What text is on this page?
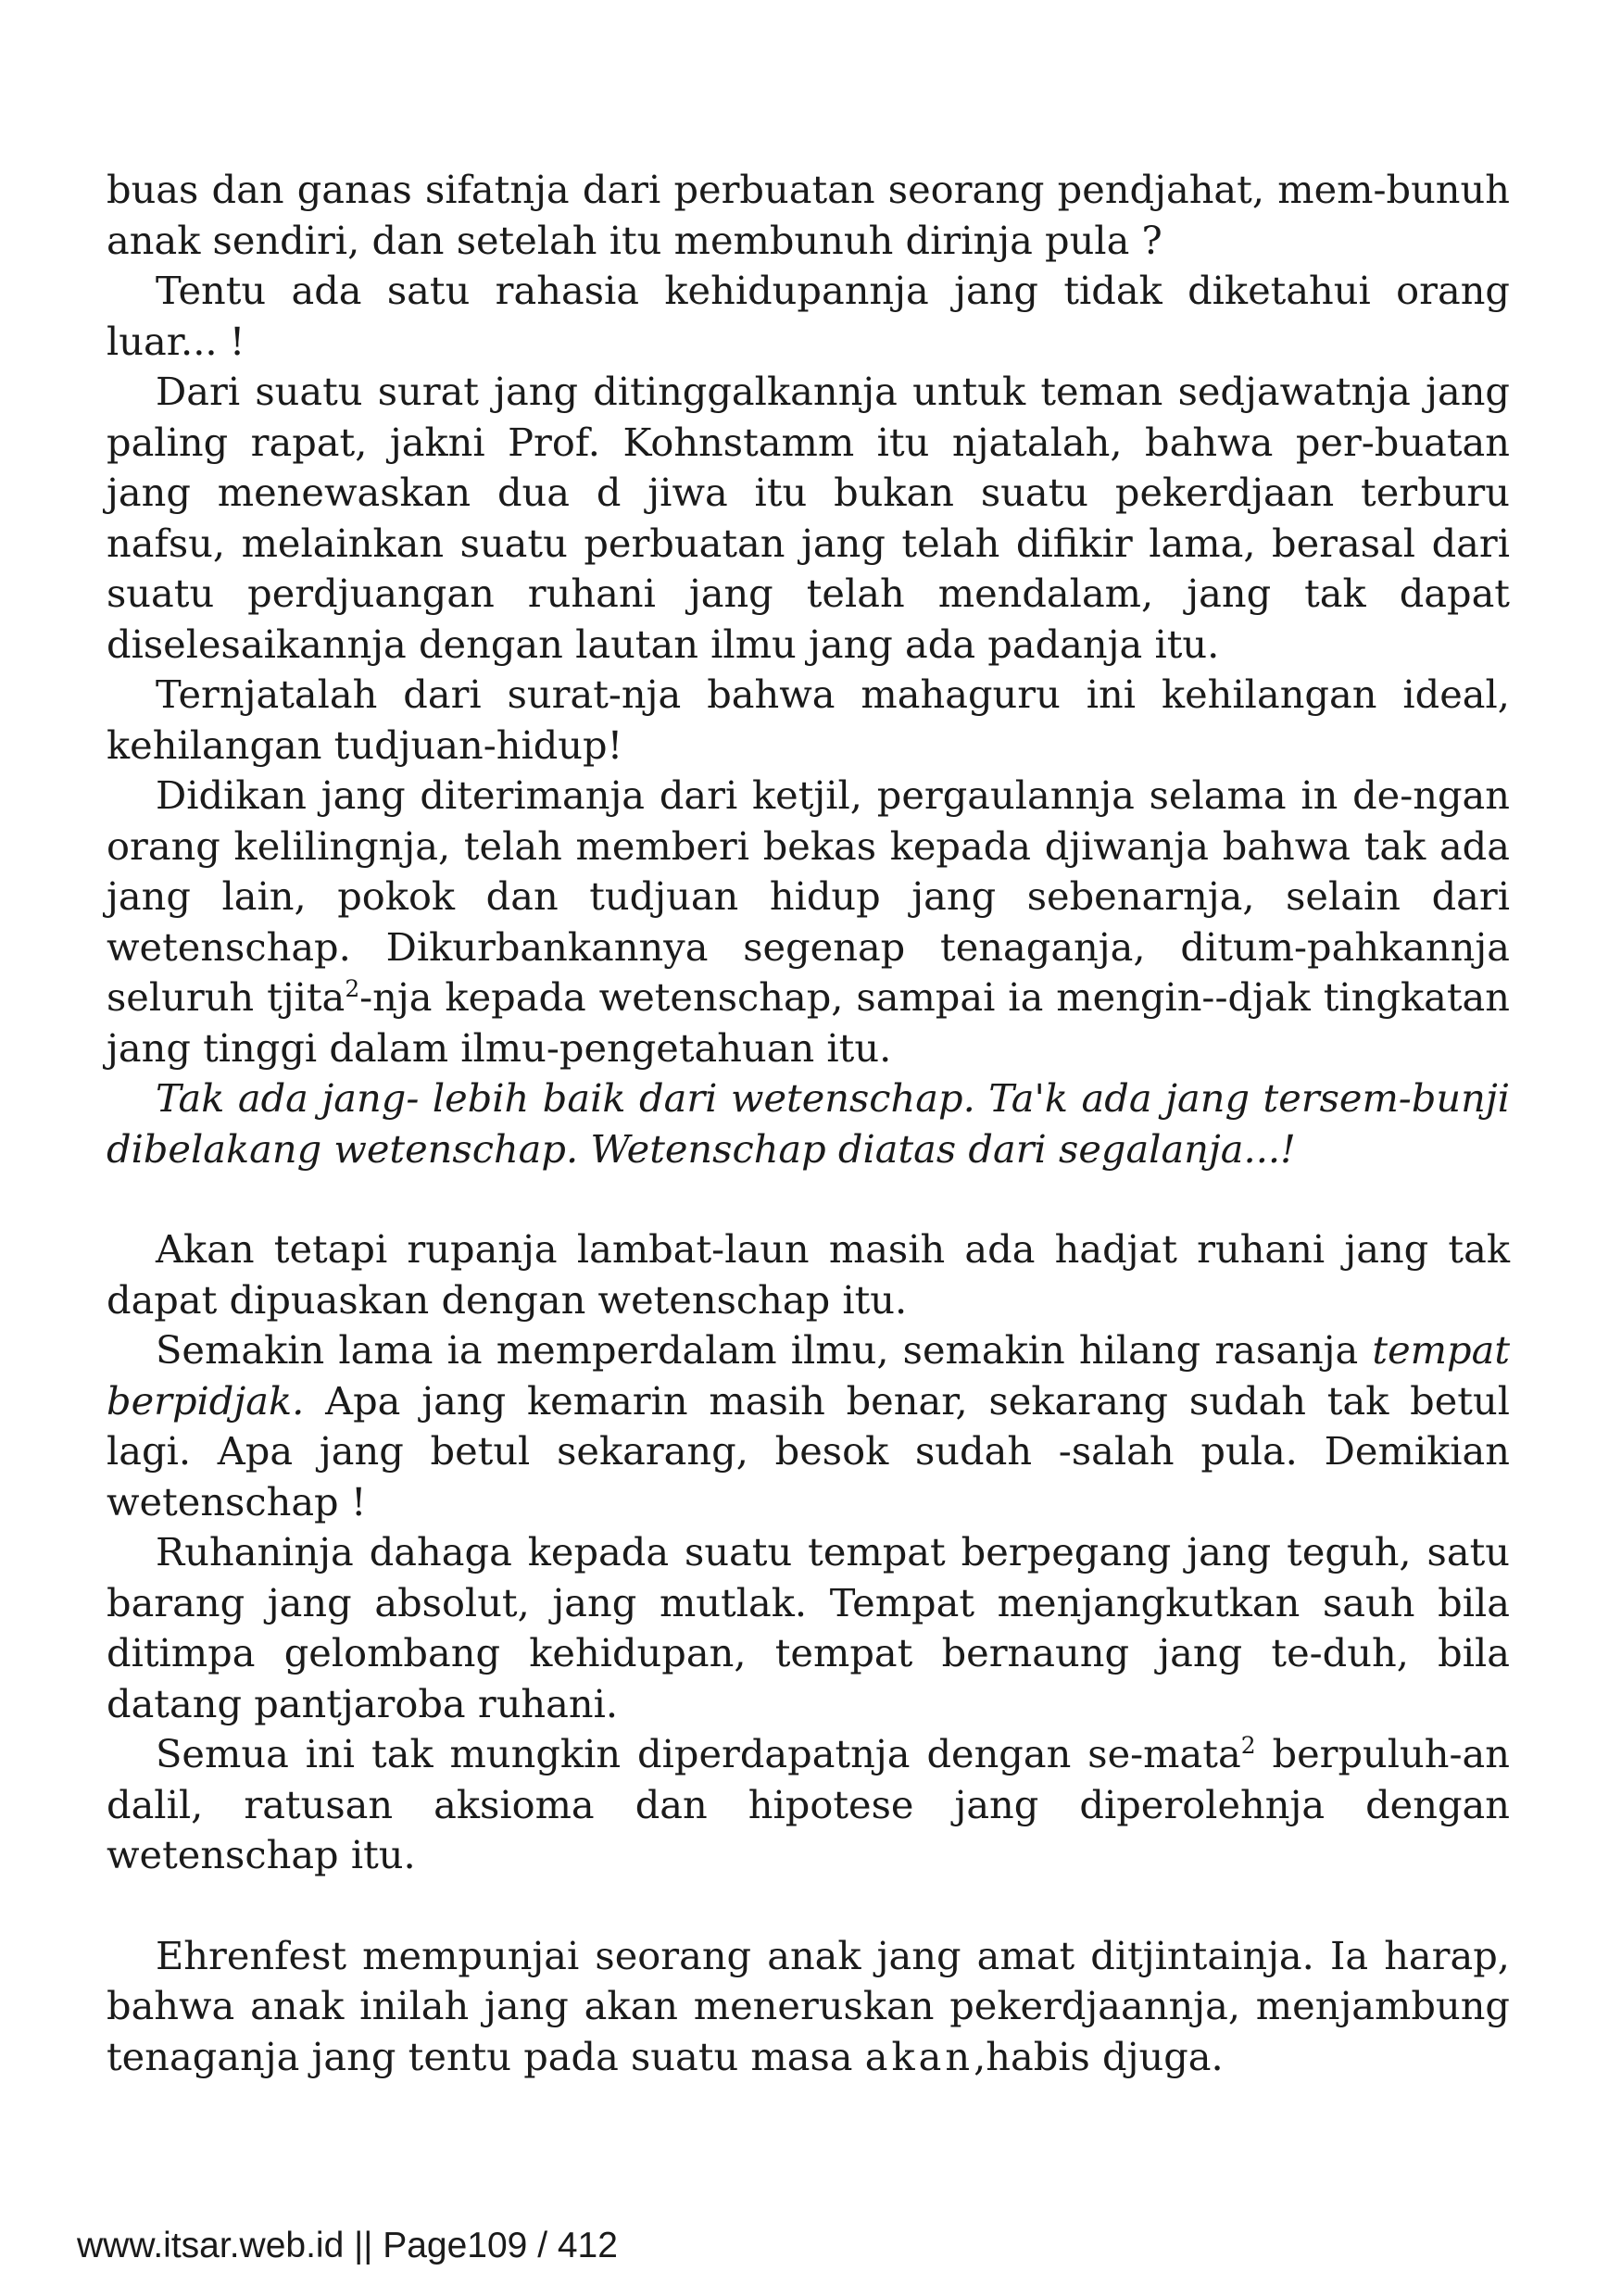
buas dan ganas sifatnja dari perbuatan seorang pendjahat, mem-bunuh anak sendiri, dan setelah itu membunuh dirinja pula ?

Tentu ada satu rahasia kehidupannja jang tidak diketahui orang luar... !

Dari suatu surat jang ditinggalkannja untuk teman sedjawatnja jang paling rapat, jakni Prof. Kohnstamm itu njatalah, bahwa per-buatan jang menewaskan dua d jiwa itu bukan suatu pekerdjaan terburu nafsu, melainkan suatu perbuatan jang telah difikir lama, berasal dari suatu perdjuangan ruhani jang telah mendalam, jang tak dapat diselesaikannja dengan lautan ilmu jang ada padanja itu.

Ternjatalah dari surat-nja bahwa mahaguru ini kehilangan ideal, kehilangan tudjuan-hidup!

Didikan jang diterimanja dari ketjil, pergaulannja selama in de-ngan orang kelilingnja, telah memberi bekas kepada djiwanja bahwa tak ada jang lain, pokok dan tudjuan hidup jang sebenarnja, selain dari wetenschap. Dikurbankannya segenap tenaganja, ditum-pahkannja seluruh tjita$^2$-nja kepada wetenschap, sampai ia mengin--djak tingkatan jang tinggi dalam ilmu-pengetahuan itu.

Tak ada jang- lebih baik dari wetenschap. Ta'k ada jang tersem-bunji dibelakang wetenschap. Wetenschap diatas dari segalanja...!

Akan tetapi rupanja lambat-laun masih ada hadjat ruhani jang tak dapat dipuaskan dengan wetenschap itu.

Semakin lama ia memperdalam ilmu, semakin hilang rasanja tempat berpidjak. Apa jang kemarin masih benar, sekarang sudah tak betul lagi. Apa jang betul sekarang, besok sudah -salah pula. Demikian wetenschap !

Ruhaninja dahaga kepada suatu tempat berpegang jang teguh, satu barang jang absolut, jang mutlak. Tempat menjangkutkan sauh bila ditimpa gelombang kehidupan, tempat bernaung jang te-duh, bila datang pantjaroba ruhani.

Semua ini tak mungkin diperdapatnja dengan se-mata$^2$ berpuluh-an dalil, ratusan aksioma dan hipotese jang diperolehnja dengan wetenschap itu.

Ehrenfest mempunjai seorang anak jang amat ditjintainja. Ia harap, bahwa anak inilah jang akan meneruskan pekerdjaannja, menjambung tenaganja jang tentu pada suatu masa akan,habis djuga.

www.itsar.web.id || Page109 / 412
